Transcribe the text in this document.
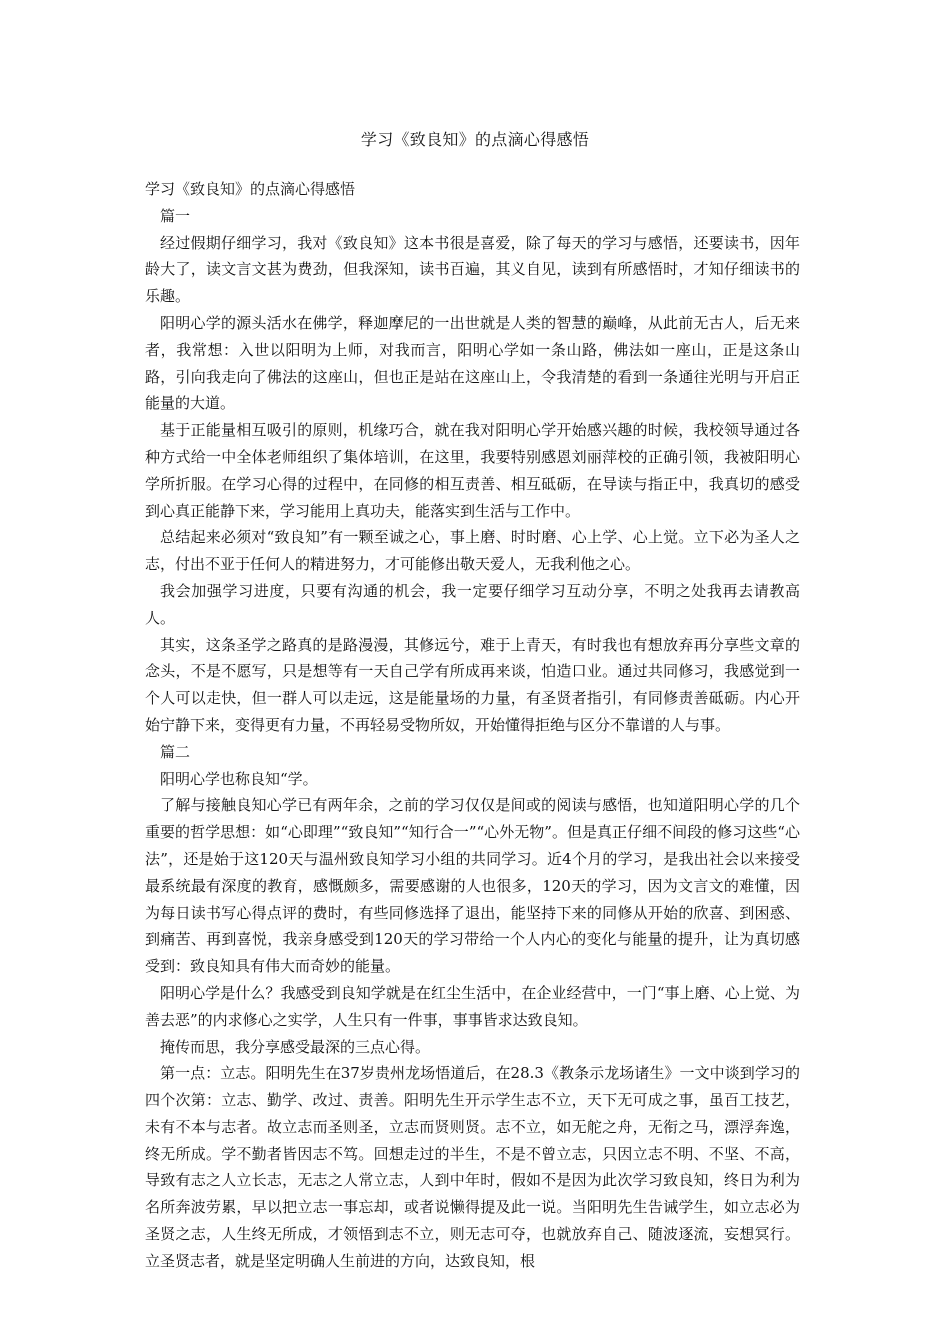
学习《致良知》的点滴心得感悟

学习《致良知》的点滴心得感悟

篇一

经过假期仔细学习，我对《致良知》这本书很是喜爱，除了每天的学习与感悟，还要读书，因年龄大了，读文言文甚为费劲，但我深知，读书百遍，其义自见，读到有所感悟时，才知仔细读书的乐趣。

阳明心学的源头活水在佛学，释迦摩尼的一出世就是人类的智慧的巅峰，从此前无古人，后无来者，我常想：入世以阳明为上师，对我而言，阳明心学如一条山路，佛法如一座山，正是这条山路，引向我走向了佛法的这座山，但也正是站在这座山上，令我清楚的看到一条通往光明与开启正能量的大道。

基于正能量相互吸引的原则，机缘巧合，就在我对阳明心学开始感兴趣的时候，我校领导通过各种方式给一中全体老师组织了集体培训，在这里，我要特别感恩刘丽萍校的正确引领，我被阳明心学所折服。在学习心得的过程中，在同修的相互责善、相互砥砺，在导读与指正中，我真切的感受到心真正能静下来，学习能用上真功夫，能落实到生活与工作中。

总结起来必须对“致良知”有一颗至诚之心，事上磨、时时磨、心上学、心上觉。立下必为圣人之志，付出不亚于任何人的精进努力，才可能修出敬天爱人，无我利他之心。

我会加强学习进度，只要有沟通的机会，我一定要仔细学习互动分享，不明之处我再去请教高人。

其实，这条圣学之路真的是路漫漫，其修远兮，难于上青天，有时我也有想放弃再分享些文章的念头，不是不愿写，只是想等有一天自己学有所成再来谈，怕造口业。通过共同修习，我感觉到一个人可以走快，但一群人可以走远，这是能量场的力量，有圣贤者指引，有同修责善砥砺。内心开始宁静下来，变得更有力量，不再轻易受物所奴，开始懂得拒绝与区分不靠谱的人与事。

篇二

阳明心学也称良知“学。

了解与接触良知心学已有两年余，之前的学习仅仅是间或的阅读与感悟，也知道阳明心学的几个重要的哲学思想：如“心即理”“致良知”“知行合一”“心外无物”。但是真正仔细不间段的修习这些“心法”，还是始于这120天与温州致良知学习小组的共同学习。近4个月的学习，是我出社会以来接受最系统最有深度的教育，感慨颇多，需要感谢的人也很多，120天的学习，因为文言文的难懂，因为每日读书写心得点评的费时，有些同修选择了退出，能坚持下来的同修从开始的欣喜、到困惑、到痛苦、再到喜悦，我亲身感受到120天的学习带给一个人内心的变化与能量的提升，让为真切感受到：致良知具有伟大而奇妙的能量。

阳明心学是什么？我感受到良知学就是在红尘生活中，在企业经营中，一门“事上磨、心上觉、为善去恶”的内求修心之实学，人生只有一件事，事事皆求达致良知。

掩传而思，我分享感受最深的三点心得。

第一点：立志。阳明先生在37岁贵州龙场悟道后，在28.3《教条示龙场诸生》一文中谈到学习的四个次第：立志、勤学、改过、责善。阳明先生开示学生志不立，天下无可成之事，虽百工技艺，未有不本与志者。故立志而圣则圣，立志而贤则贤。志不立，如无舵之舟，无衔之马，漂浮奔逸，终无所成。学不勤者皆因志不笃。回想走过的半生，不是不曾立志，只因立志不明、不坚、不高，导致有志之人立长志，无志之人常立志，人到中年时，假如不是因为此次学习致良知，终日为利为名所奔波劳累，早以把立志一事忘却，或者说懒得提及此一说。当阳明先生告诫学生，如立志必为圣贤之志，人生终无所成，才领悟到志不立，则无志可夺，也就放弃自己、随波逐流，妄想冥行。立圣贤志者，就是坚定明确人生前进的方向，达致良知，根
